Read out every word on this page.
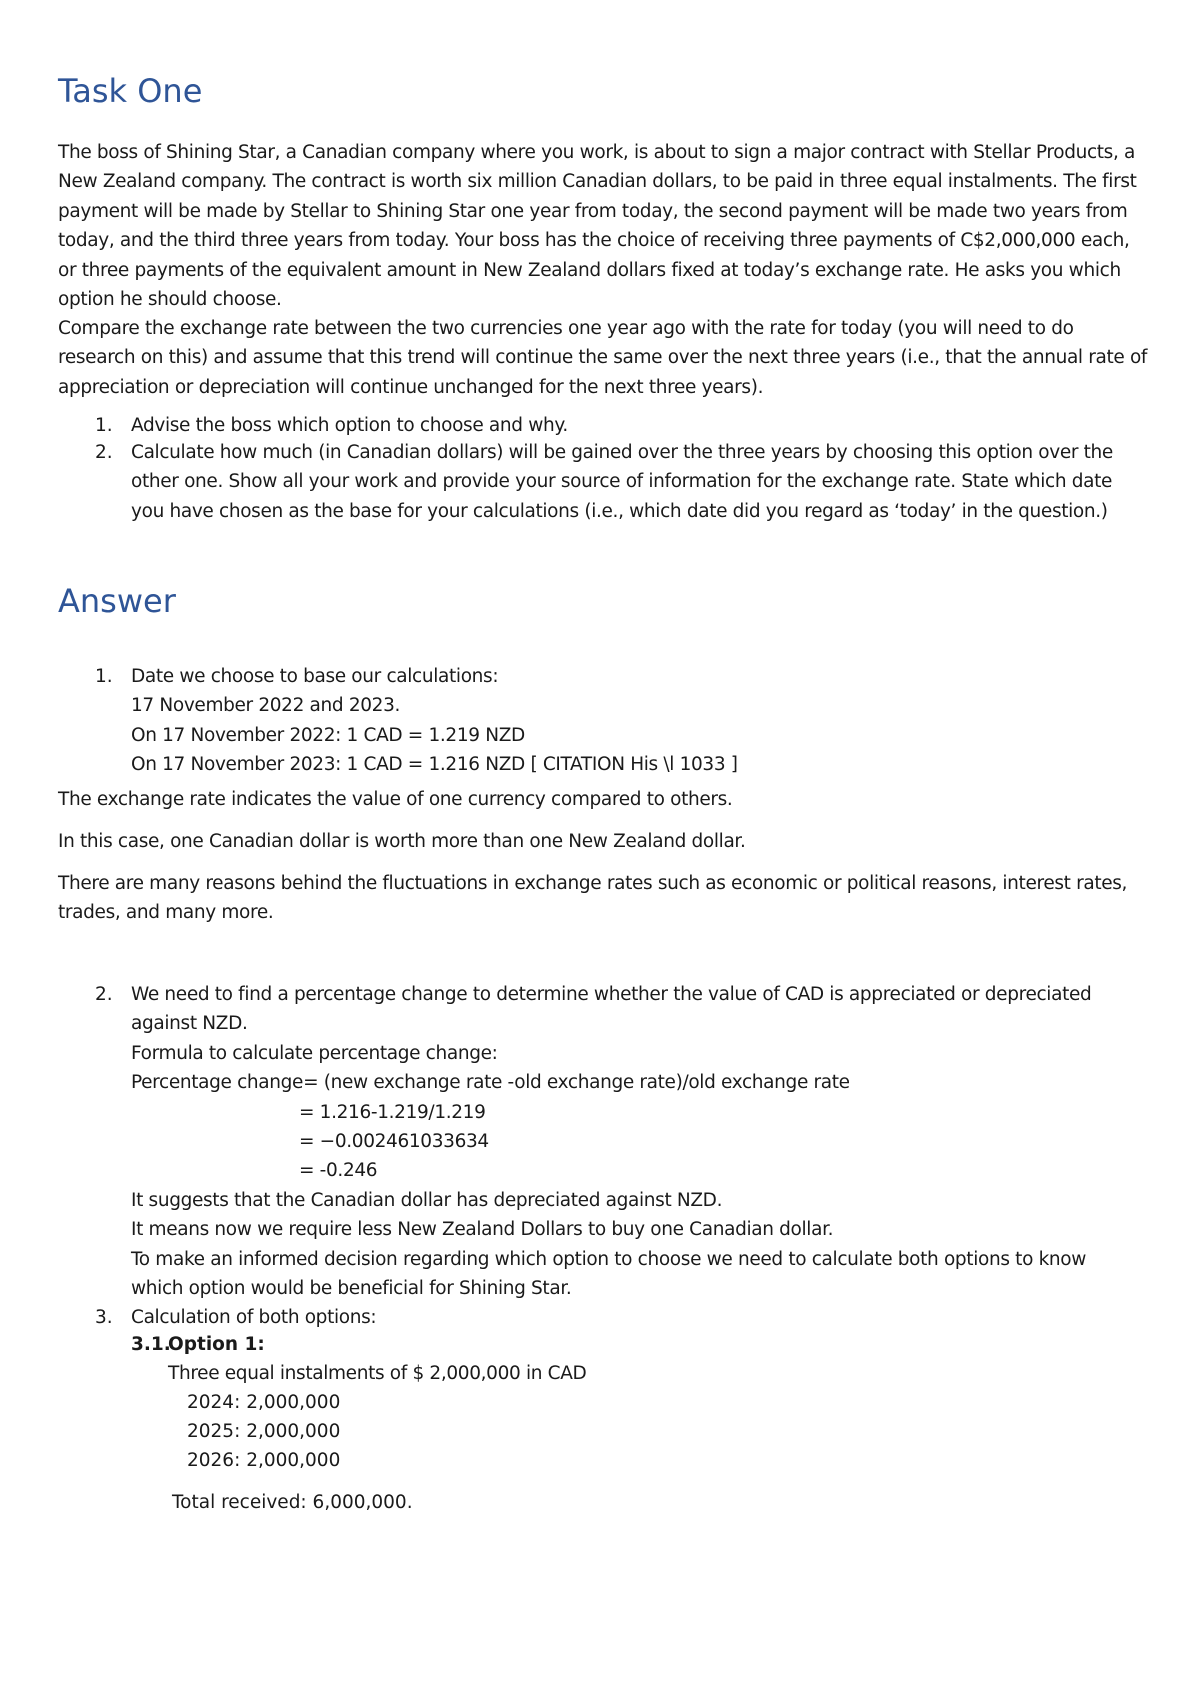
Task One

The boss of Shining Star, a Canadian company where you work, is about to sign a major contract with Stellar Products, a New Zealand company. The contract is worth six million Canadian dollars, to be paid in three equal instalments. The first payment will be made by Stellar to Shining Star one year from today, the second payment will be made two years from today, and the third three years from today. Your boss has the choice of receiving three payments of C$2,000,000 each, or three payments of the equivalent amount in New Zealand dollars fixed at today’s exchange rate. He asks you which option he should choose.

Compare the exchange rate between the two currencies one year ago with the rate for today (you will need to do research on this) and assume that this trend will continue the same over the next three years (i.e., that the annual rate of appreciation or depreciation will continue unchanged for the next three years).

1. Advise the boss which option to choose and why.

2. Calculate how much (in Canadian dollars) will be gained over the three years by choosing this option over the other one. Show all your work and provide your source of information for the exchange rate. State which date you have chosen as the base for your calculations (i.e., which date did you regard as ‘today’ in the question.)

Answer
1. Date we choose to base our calculations:
17 November 2022 and 2023.
On 17 November 2022: 1 CAD = 1.219 NZD
On 17 November 2023: 1 CAD = 1.216 NZD [ CITATION His \l 1033 ]

The exchange rate indicates the value of one currency compared to others.

In this case, one Canadian dollar is worth more than one New Zealand dollar.

There are many reasons behind the fluctuations in exchange rates such as economic or political reasons, interest rates, trades, and many more.

2. We need to find a percentage change to determine whether the value of CAD is appreciated or depreciated against NZD.
Formula to calculate percentage change:
Percentage change= (new exchange rate -old exchange rate)/old exchange rate
= 1.216-1.219/1.219
= −0.002461033634
= -0.246
It suggests that the Canadian dollar has depreciated against NZD.
It means now we require less New Zealand Dollars to buy one Canadian dollar.
To make an informed decision regarding which option to choose we need to calculate both options to know which option would be beneficial for Shining Star.
3. Calculation of both options:
3.1.
Option 1:
Three equal instalments of $ 2,000,000 in CAD
2024: 2,000,000
2025: 2,000,000
2026: 2,000,000
Total received: 6,000,000.
